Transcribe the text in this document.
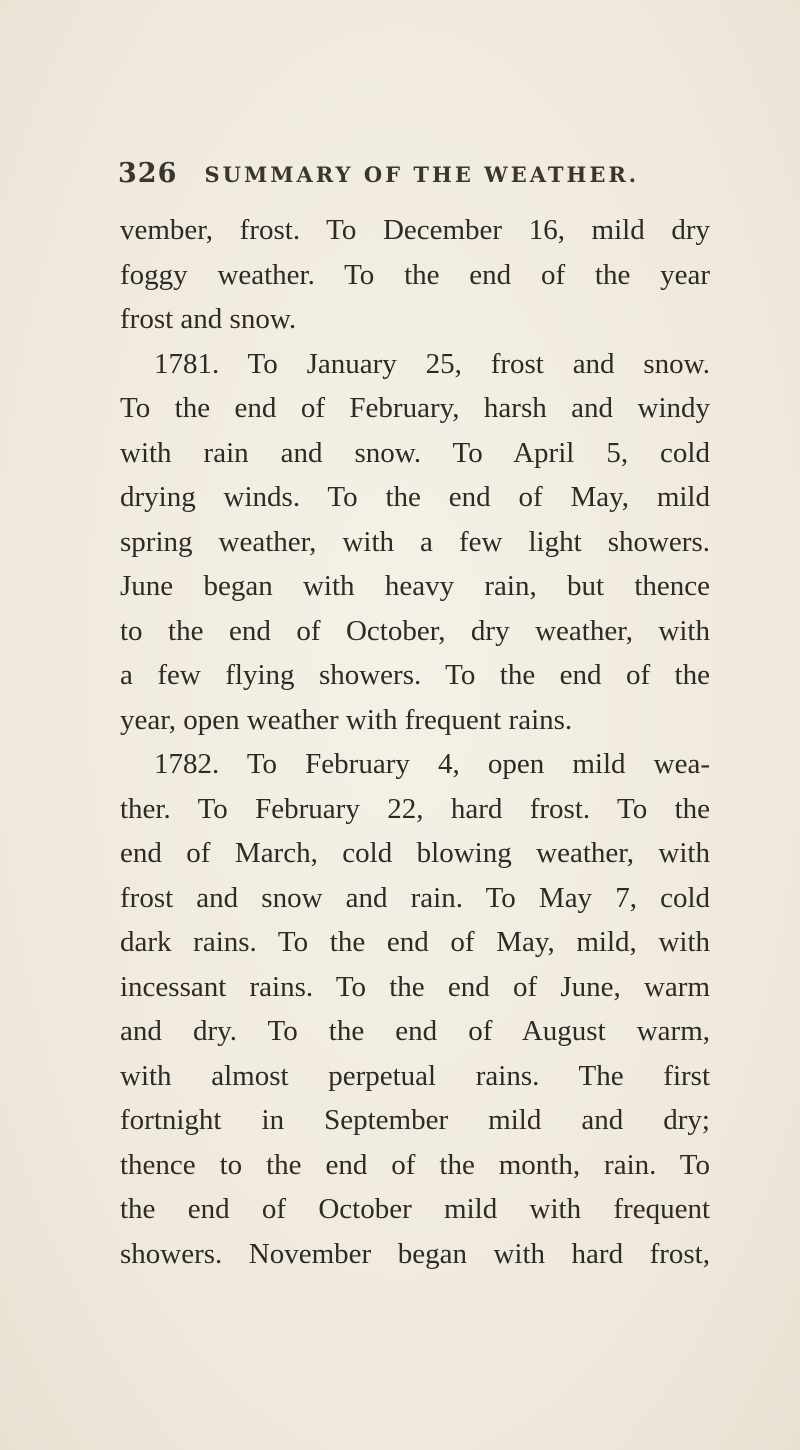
326 SUMMARY OF THE WEATHER.
vember, frost. To December 16, mild dry
foggy weather. To the end of the year
frost and snow.
1781. To January 25, frost and snow.
To the end of February, harsh and windy
with rain and snow. To April 5, cold
drying winds. To the end of May, mild
spring weather, with a few light showers.
June began with heavy rain, but thence
to the end of October, dry weather, with
a few flying showers. To the end of the
year, open weather with frequent rains.
1782. To February 4, open mild wea-
ther. To February 22, hard frost. To the
end of March, cold blowing weather, with
frost and snow and rain. To May 7, cold
dark rains. To the end of May, mild, with
incessant rains. To the end of June, warm
and dry. To the end of August warm,
with almost perpetual rains. The first
fortnight in September mild and dry;
thence to the end of the month, rain. To
the end of October mild with frequent
showers. November began with hard frost,
